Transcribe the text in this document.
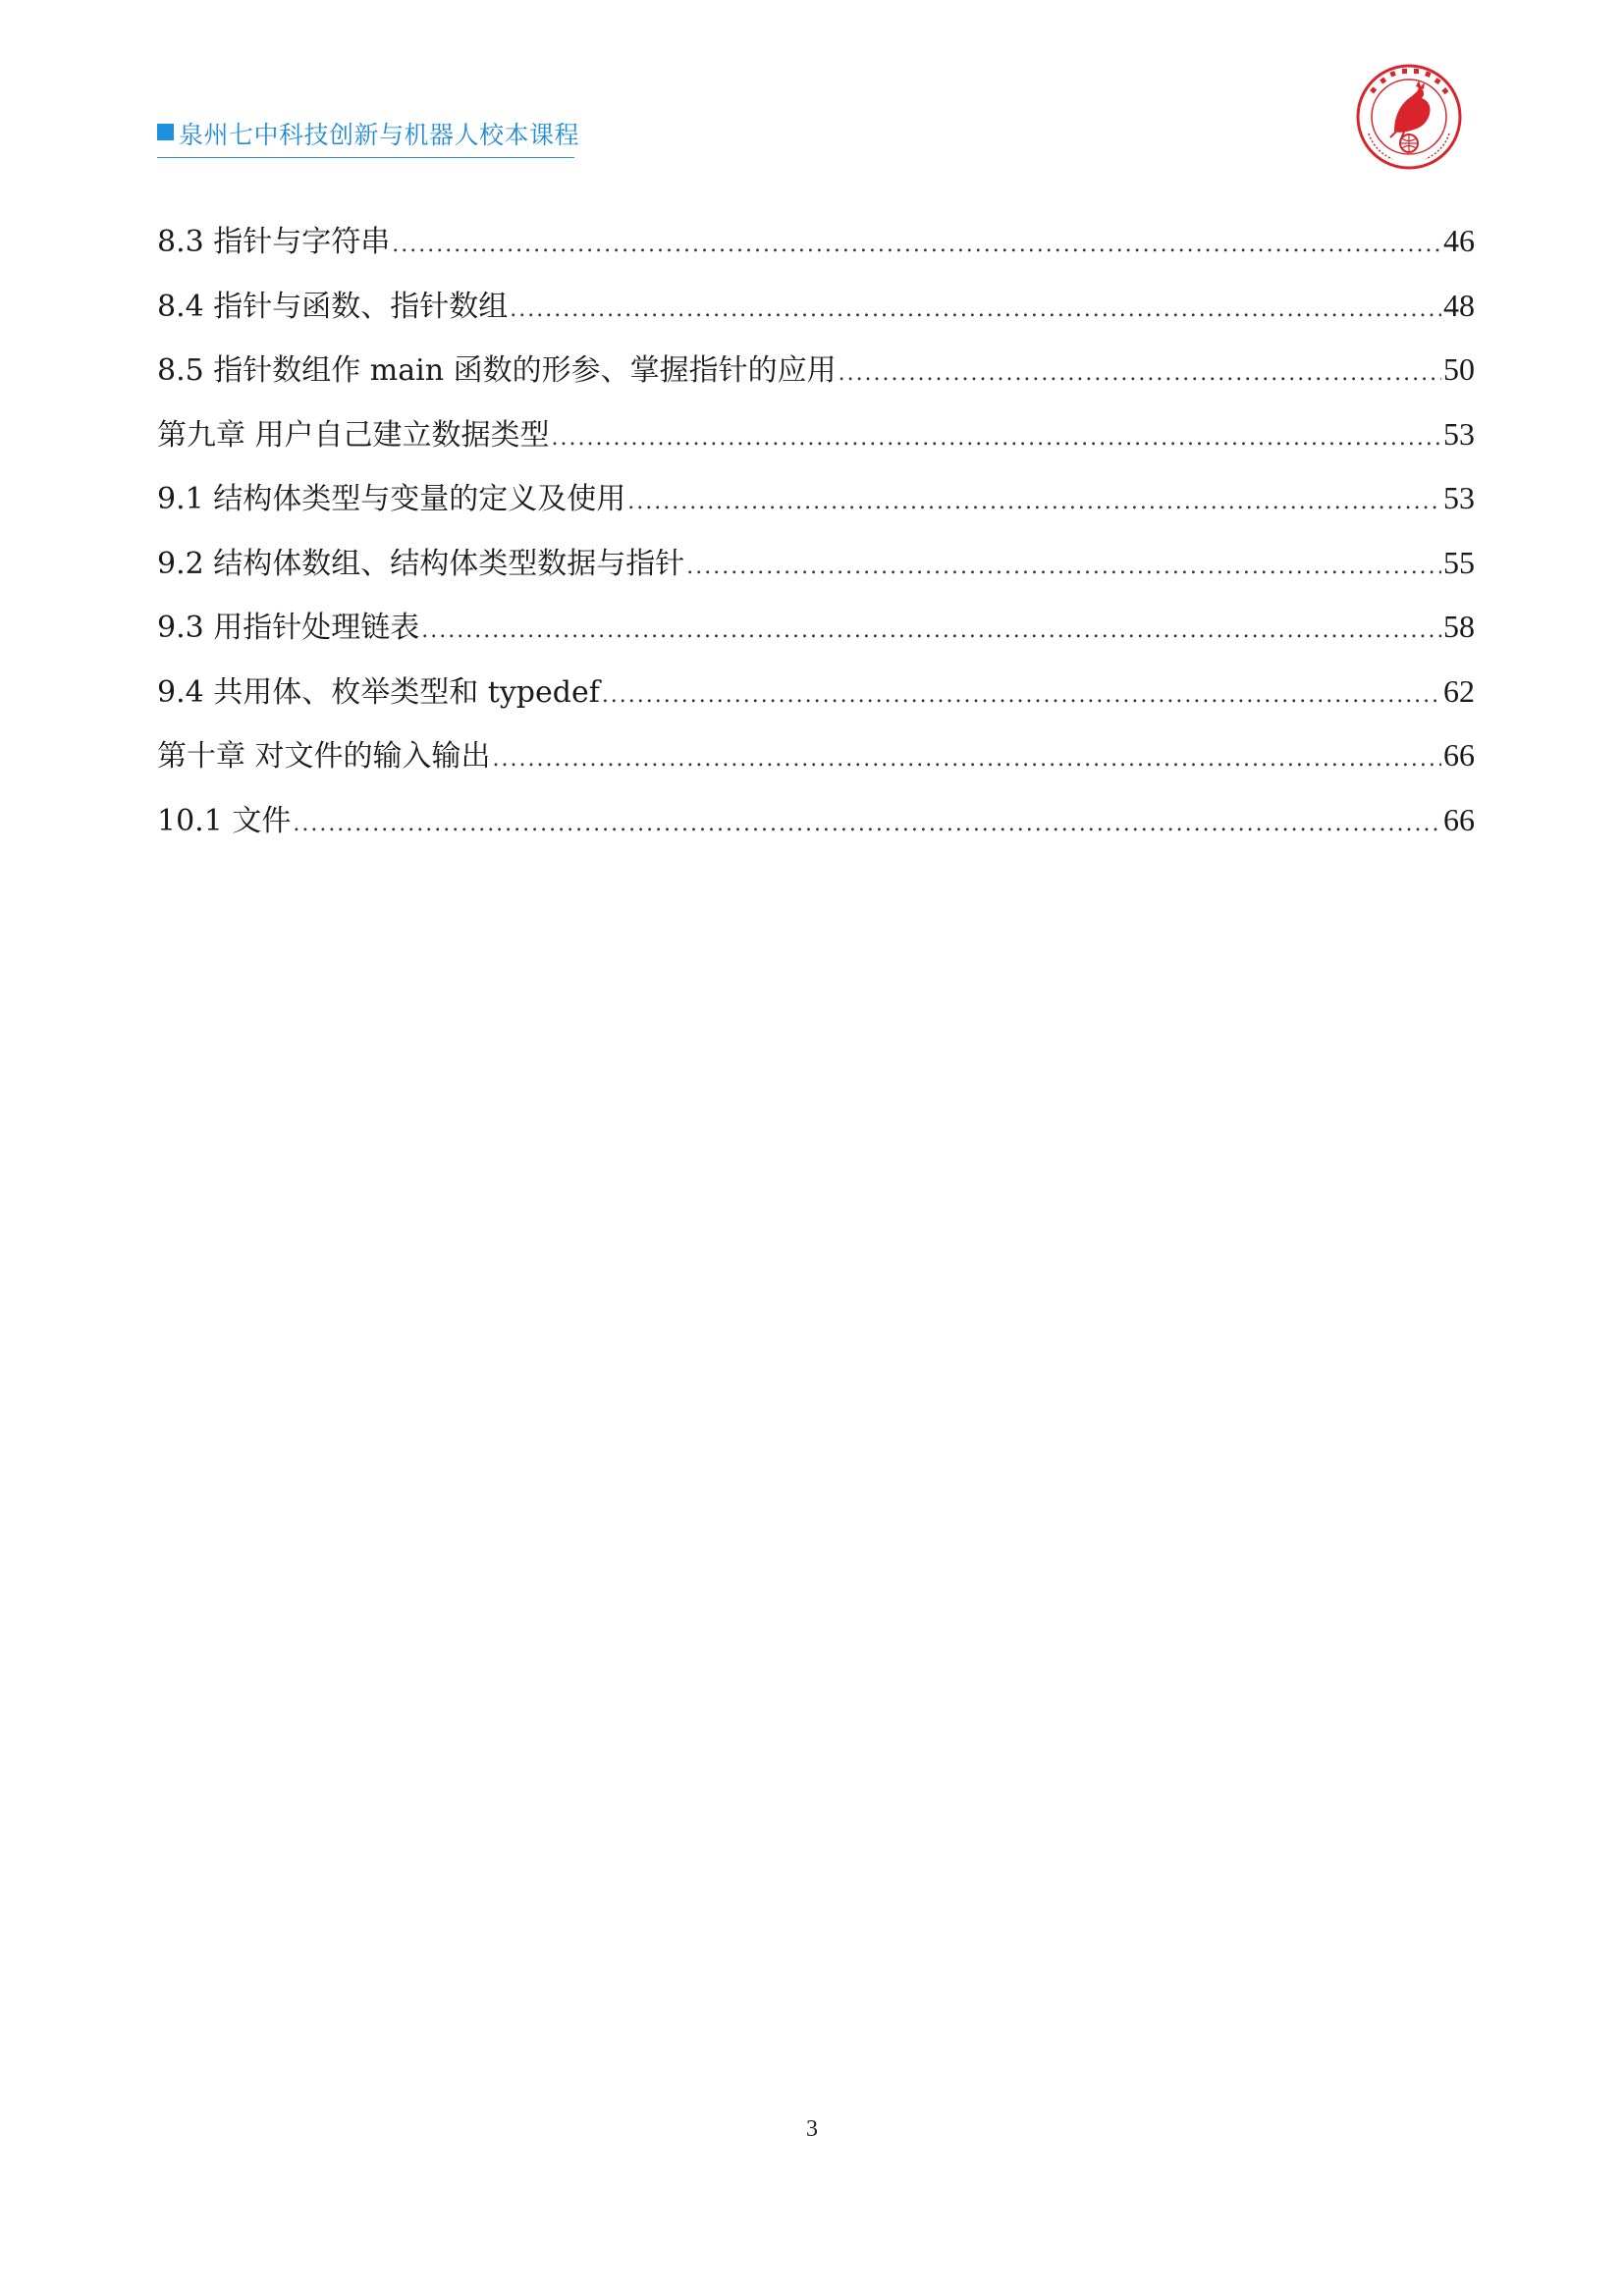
泉州七中科技创新与机器人校本课程
8.3 指针与字符串 .....	46
8.4 指针与函数、指针数组 .....	48
8.5 指针数组作 main 函数的形参、掌握指针的应用 .....	50
第九章 用户自己建立数据类型 .....	53
9.1 结构体类型与变量的定义及使用 .....	53
9.2 结构体数组、结构体类型数据与指针 .....	55
9.3 用指针处理链表 .....	58
9.4 共用体、枚举类型和 typedef .....	62
第十章 对文件的输入输出 .....	66
10.1 文件 .....	66
3
